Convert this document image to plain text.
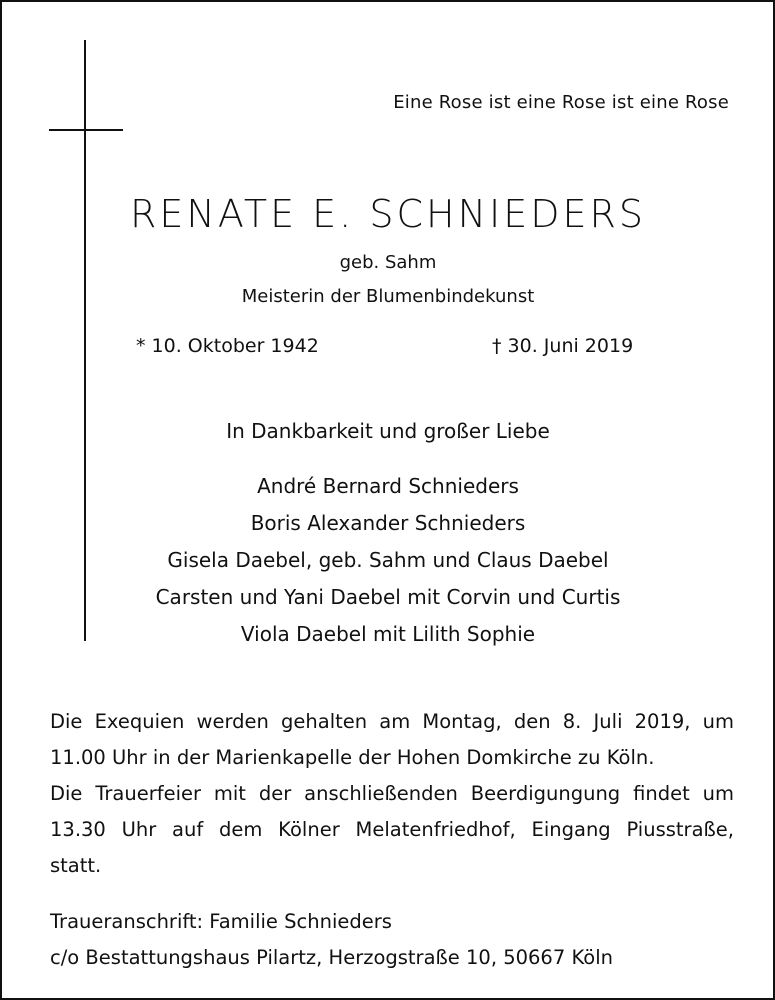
Eine Rose ist eine Rose ist eine Rose
RENATE E. SCHNIEDERS
geb. Sahm
Meisterin der Blumenbindekunst
* 10. Oktober 1942	† 30. Juni 2019
In Dankbarkeit und großer Liebe
André Bernard Schnieders
Boris Alexander Schnieders
Gisela Daebel, geb. Sahm und Claus Daebel
Carsten und Yani Daebel mit Corvin und Curtis
Viola Daebel mit Lilith Sophie
Die Exequien werden gehalten am Montag, den 8. Juli 2019, um
11.00 Uhr in der Marienkapelle der Hohen Domkirche zu Köln.
Die Trauerfeier mit der anschließenden Beerdigungung findet um
13.30 Uhr auf dem Kölner Melatenfriedhof, Eingang Piusstraße,
statt.
Traueranschrift: Familie Schnieders
c/o Bestattungshaus Pilartz, Herzogstraße 10, 50667 Köln
